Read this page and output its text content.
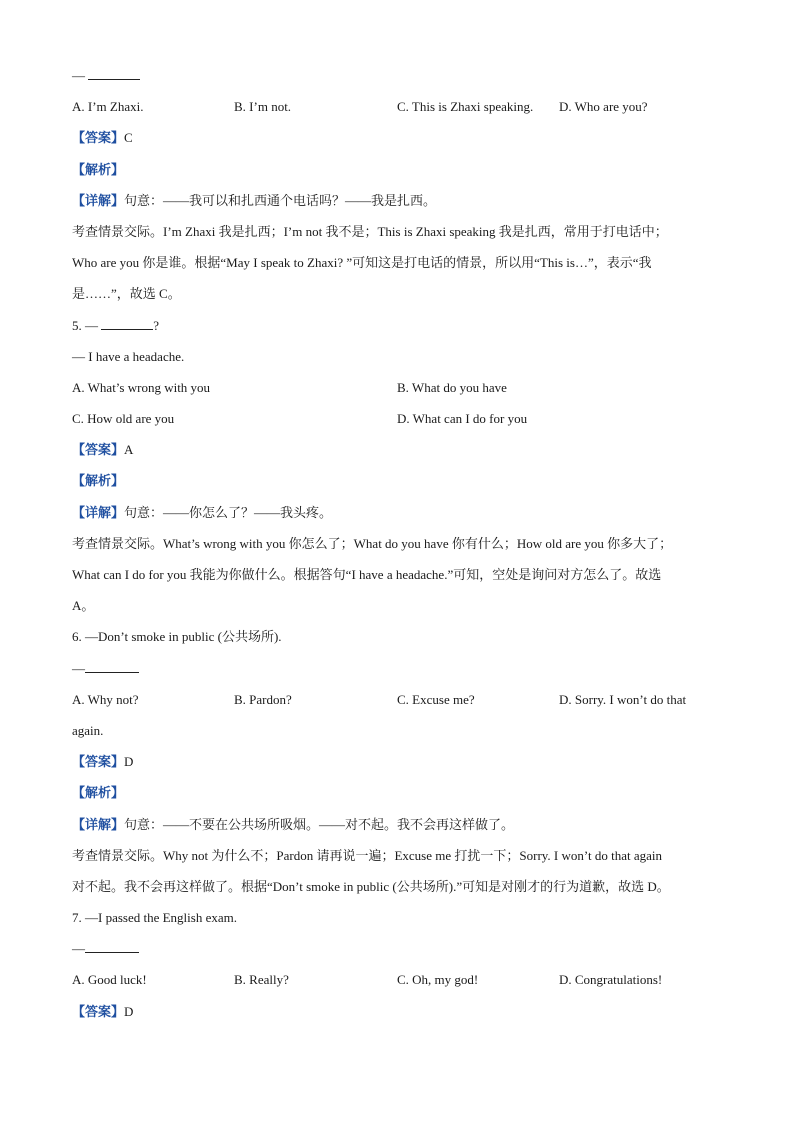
—
A. I’m Zhaxi.	B. I’m not.	C. This is Zhaxi speaking. D. Who are you?
【答案】C
【解析】
【详解】句意：——我可以和扎西通个电话吗？——我是扎西。
考查情景交际。I’m Zhaxi 我是扎西；I’m not 我不是；This is Zhaxi speaking 我是扎西，常用于打电话中；
Who are you 你是谁。根据“May I speak to Zhaxi? ”可知这是打电话的情景，所以用“This is…”，表示“我
是……”，故选 C。
5. —	?
— I have a headache.
A. What’s wrong with you	B. What do you have
C. How old are you	D. What can I do for you
【答案】A
【解析】
【详解】句意：——你怎么了？——我头疼。
考查情景交际。What’s wrong with you 你怎么了；What do you have 你有什么；How old are you 你多大了；
What can I do for you 我能为你做什么。根据答句“I have a headache.”可知，空处是询问对方怎么了。故选
A。
6. —Don’t smoke in public (公共场所).
—
A. Why not?	B. Pardon?	C. Excuse me?	D. Sorry. I won’t do that
again.
【答案】D
【解析】
【详解】句意：——不要在公共场所吸烟。——对不起。我不会再这样做了。
考查情景交际。Why not 为什么不；Pardon 请再说一遍；Excuse me 打扰一下；Sorry. I won’t do that again
对不起。我不会再这样做了。根据“Don’t smoke in public (公共场所).”可知是对刚才的行为道歉，故选 D。
7. —I passed the English exam.
—
A. Good luck!	B. Really?	C. Oh, my god!	D. Congratulations!
【答案】D
